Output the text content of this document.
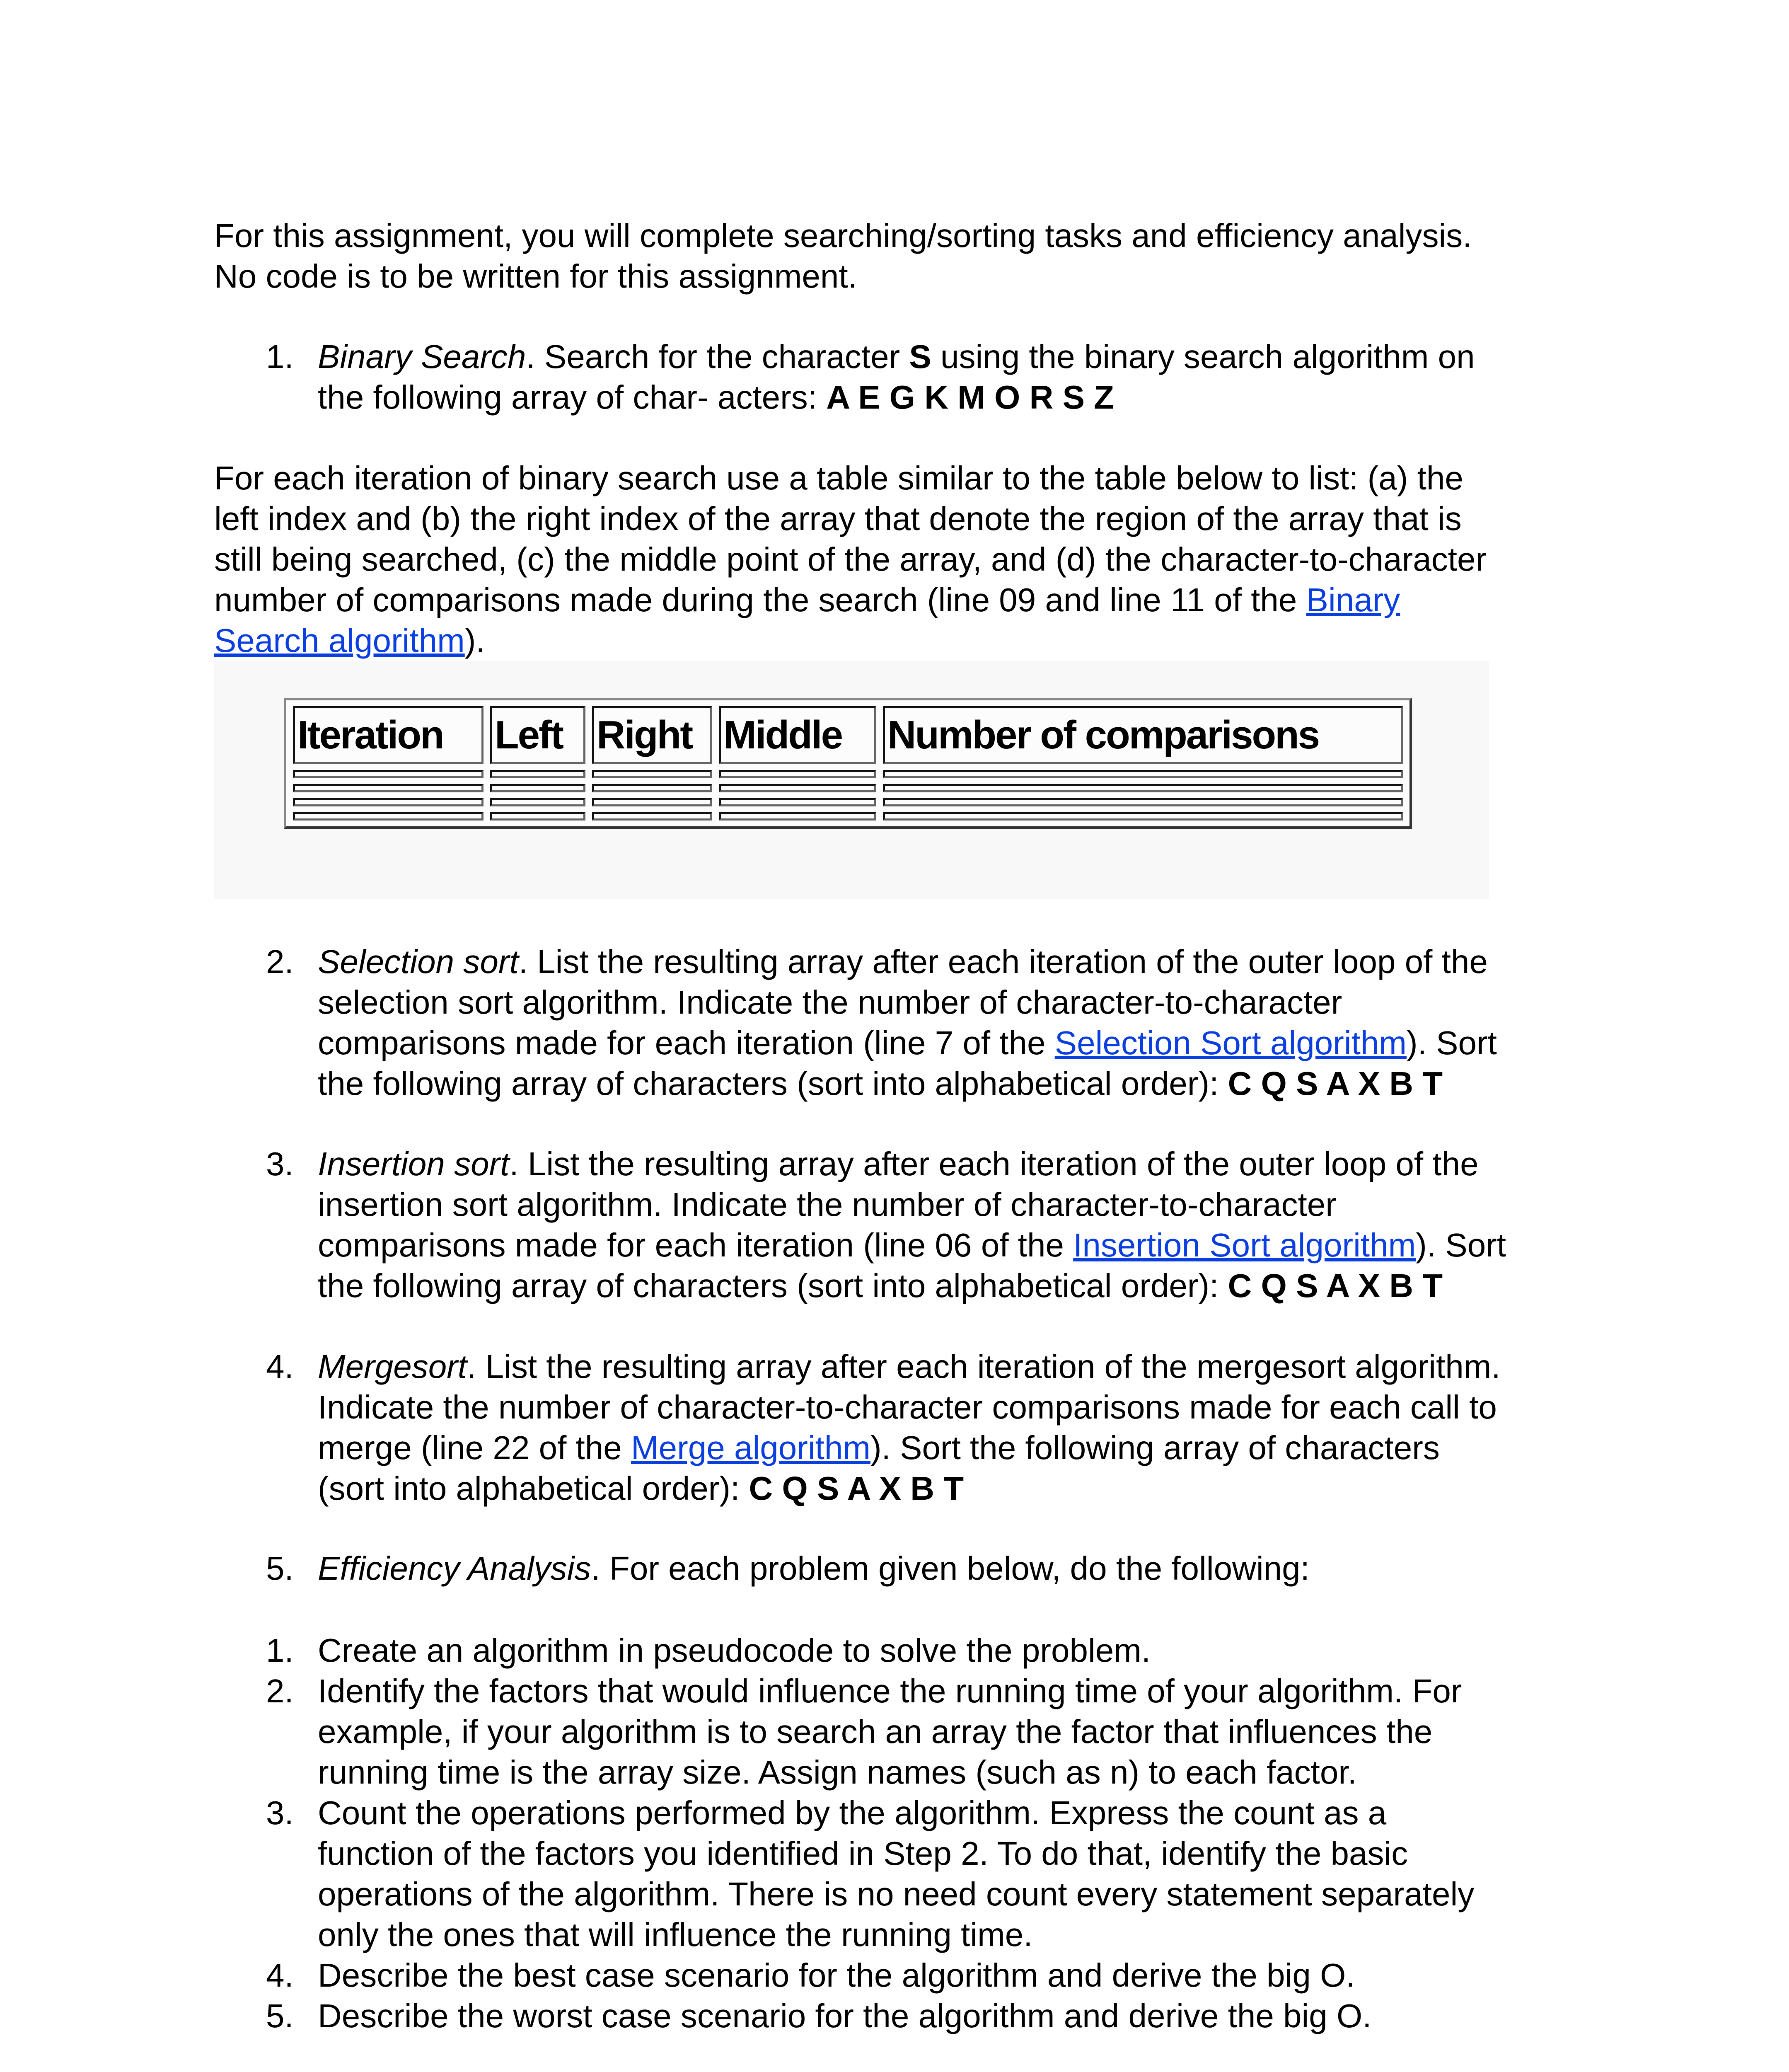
For this assignment, you will complete searching/sorting tasks and efficiency analysis.
No code is to be written for this assignment.
1. Binary Search. Search for the character S using the binary search algorithm on
the following array of char- acters: A E G K M O R S Z
For each iteration of binary search use a table similar to the table below to list: (a) the
left index and (b) the right index of the array that denote the region of the array that is
still being searched, (c) the middle point of the array, and (d) the character-to-character
number of comparisons made during the search (line 09 and line 11 of the Binary
Search algorithm).
Iteration	Left	Right	Middle	Number of comparisons

2. Selection sort. List the resulting array after each iteration of the outer loop of the
selection sort algorithm. Indicate the number of character-to-character
comparisons made for each iteration (line 7 of the Selection Sort algorithm). Sort
the following array of characters (sort into alphabetical order): C Q S A X B T
3. Insertion sort. List the resulting array after each iteration of the outer loop of the
insertion sort algorithm. Indicate the number of character-to-character
comparisons made for each iteration (line 06 of the Insertion Sort algorithm). Sort
the following array of characters (sort into alphabetical order): C Q S A X B T
4. Mergesort. List the resulting array after each iteration of the mergesort algorithm.
Indicate the number of character-to-character comparisons made for each call to
merge (line 22 of the Merge algorithm). Sort the following array of characters
(sort into alphabetical order): C Q S A X B T
5. Efficiency Analysis. For each problem given below, do the following:
1. Create an algorithm in pseudocode to solve the problem.
2. Identify the factors that would influence the running time of your algorithm. For
example, if your algorithm is to search an array the factor that influences the
running time is the array size. Assign names (such as n) to each factor.
3. Count the operations performed by the algorithm. Express the count as a
function of the factors you identified in Step 2. To do that, identify the basic
operations of the algorithm. There is no need count every statement separately
only the ones that will influence the running time.
4. Describe the best case scenario for the algorithm and derive the big O.
5. Describe the worst case scenario for the algorithm and derive the big O.
